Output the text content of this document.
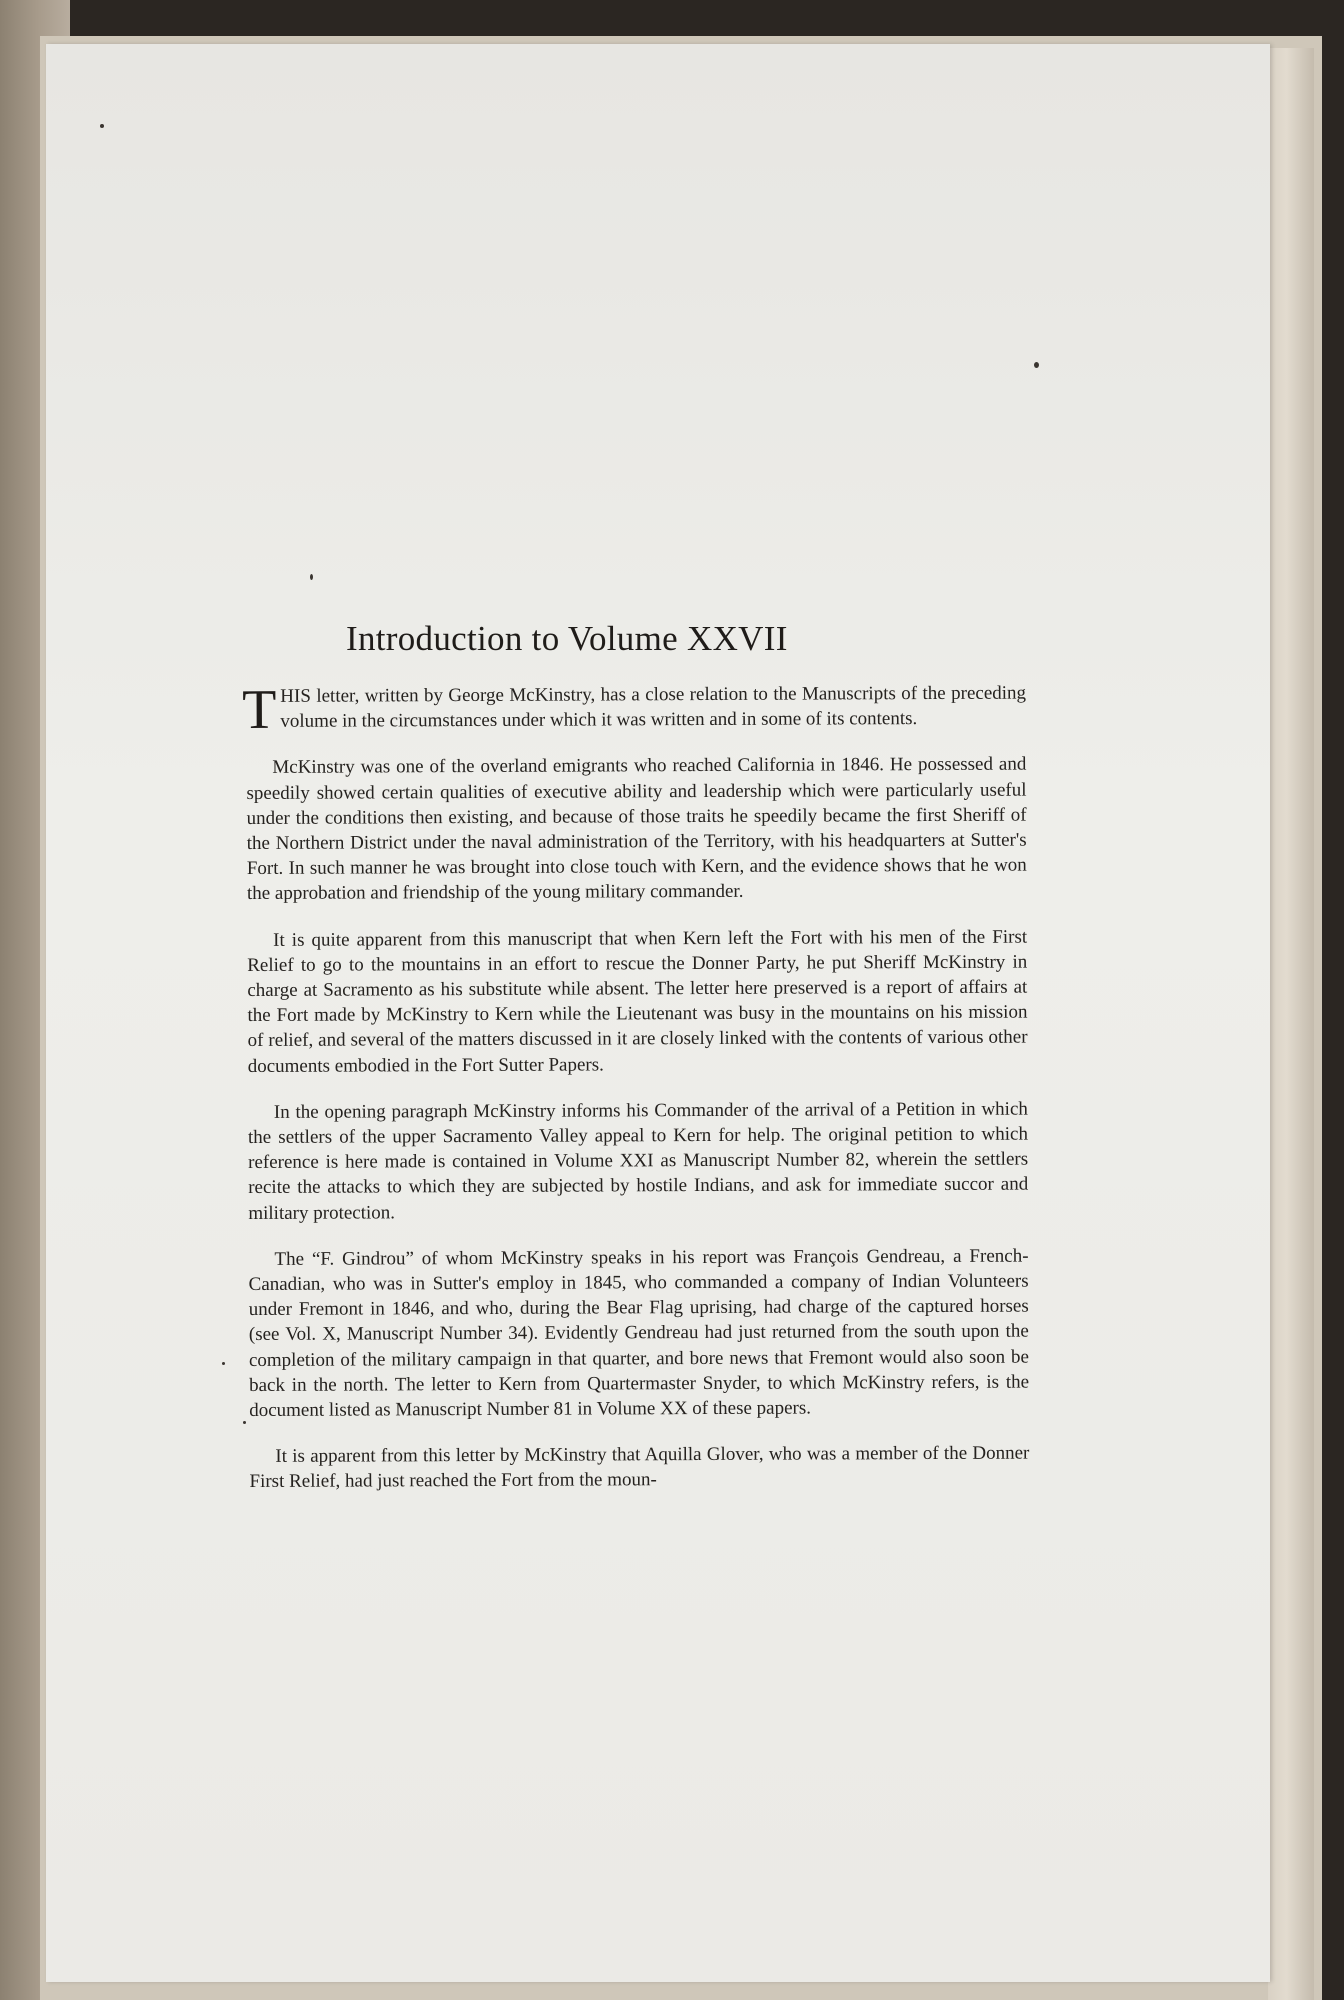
Introduction to Volume XXVII

THIS letter, written by George McKinstry, has a close relation to the Manuscripts of the preceding volume in the circumstances under which it was written and in some of its contents.

McKinstry was one of the overland emigrants who reached California in 1846. He possessed and speedily showed certain qualities of executive ability and leadership which were particularly useful under the conditions then existing, and because of those traits he speedily became the first Sheriff of the Northern District under the naval administration of the Territory, with his headquarters at Sutter's Fort. In such manner he was brought into close touch with Kern, and the evidence shows that he won the approbation and friendship of the young military commander.

It is quite apparent from this manuscript that when Kern left the Fort with his men of the First Relief to go to the mountains in an effort to rescue the Donner Party, he put Sheriff McKinstry in charge at Sacramento as his substitute while absent. The letter here preserved is a report of affairs at the Fort made by McKinstry to Kern while the Lieutenant was busy in the mountains on his mission of relief, and several of the matters discussed in it are closely linked with the contents of various other documents embodied in the Fort Sutter Papers.

In the opening paragraph McKinstry informs his Commander of the arrival of a Petition in which the settlers of the upper Sacramento Valley appeal to Kern for help. The original petition to which reference is here made is contained in Volume XXI as Manuscript Number 82, wherein the settlers recite the attacks to which they are subjected by hostile Indians, and ask for immediate succor and military protection.

The “F. Gindrou” of whom McKinstry speaks in his report was François Gendreau, a French-Canadian, who was in Sutter's employ in 1845, who commanded a company of Indian Volunteers under Fremont in 1846, and who, during the Bear Flag uprising, had charge of the captured horses (see Vol. X, Manuscript Number 34). Evidently Gendreau had just returned from the south upon the completion of the military campaign in that quarter, and bore news that Fremont would also soon be back in the north. The letter to Kern from Quartermaster Snyder, to which McKinstry refers, is the document listed as Manuscript Number 81 in Volume XX of these papers.

It is apparent from this letter by McKinstry that Aquilla Glover, who was a member of the Donner First Relief, had just reached the Fort from the moun-
